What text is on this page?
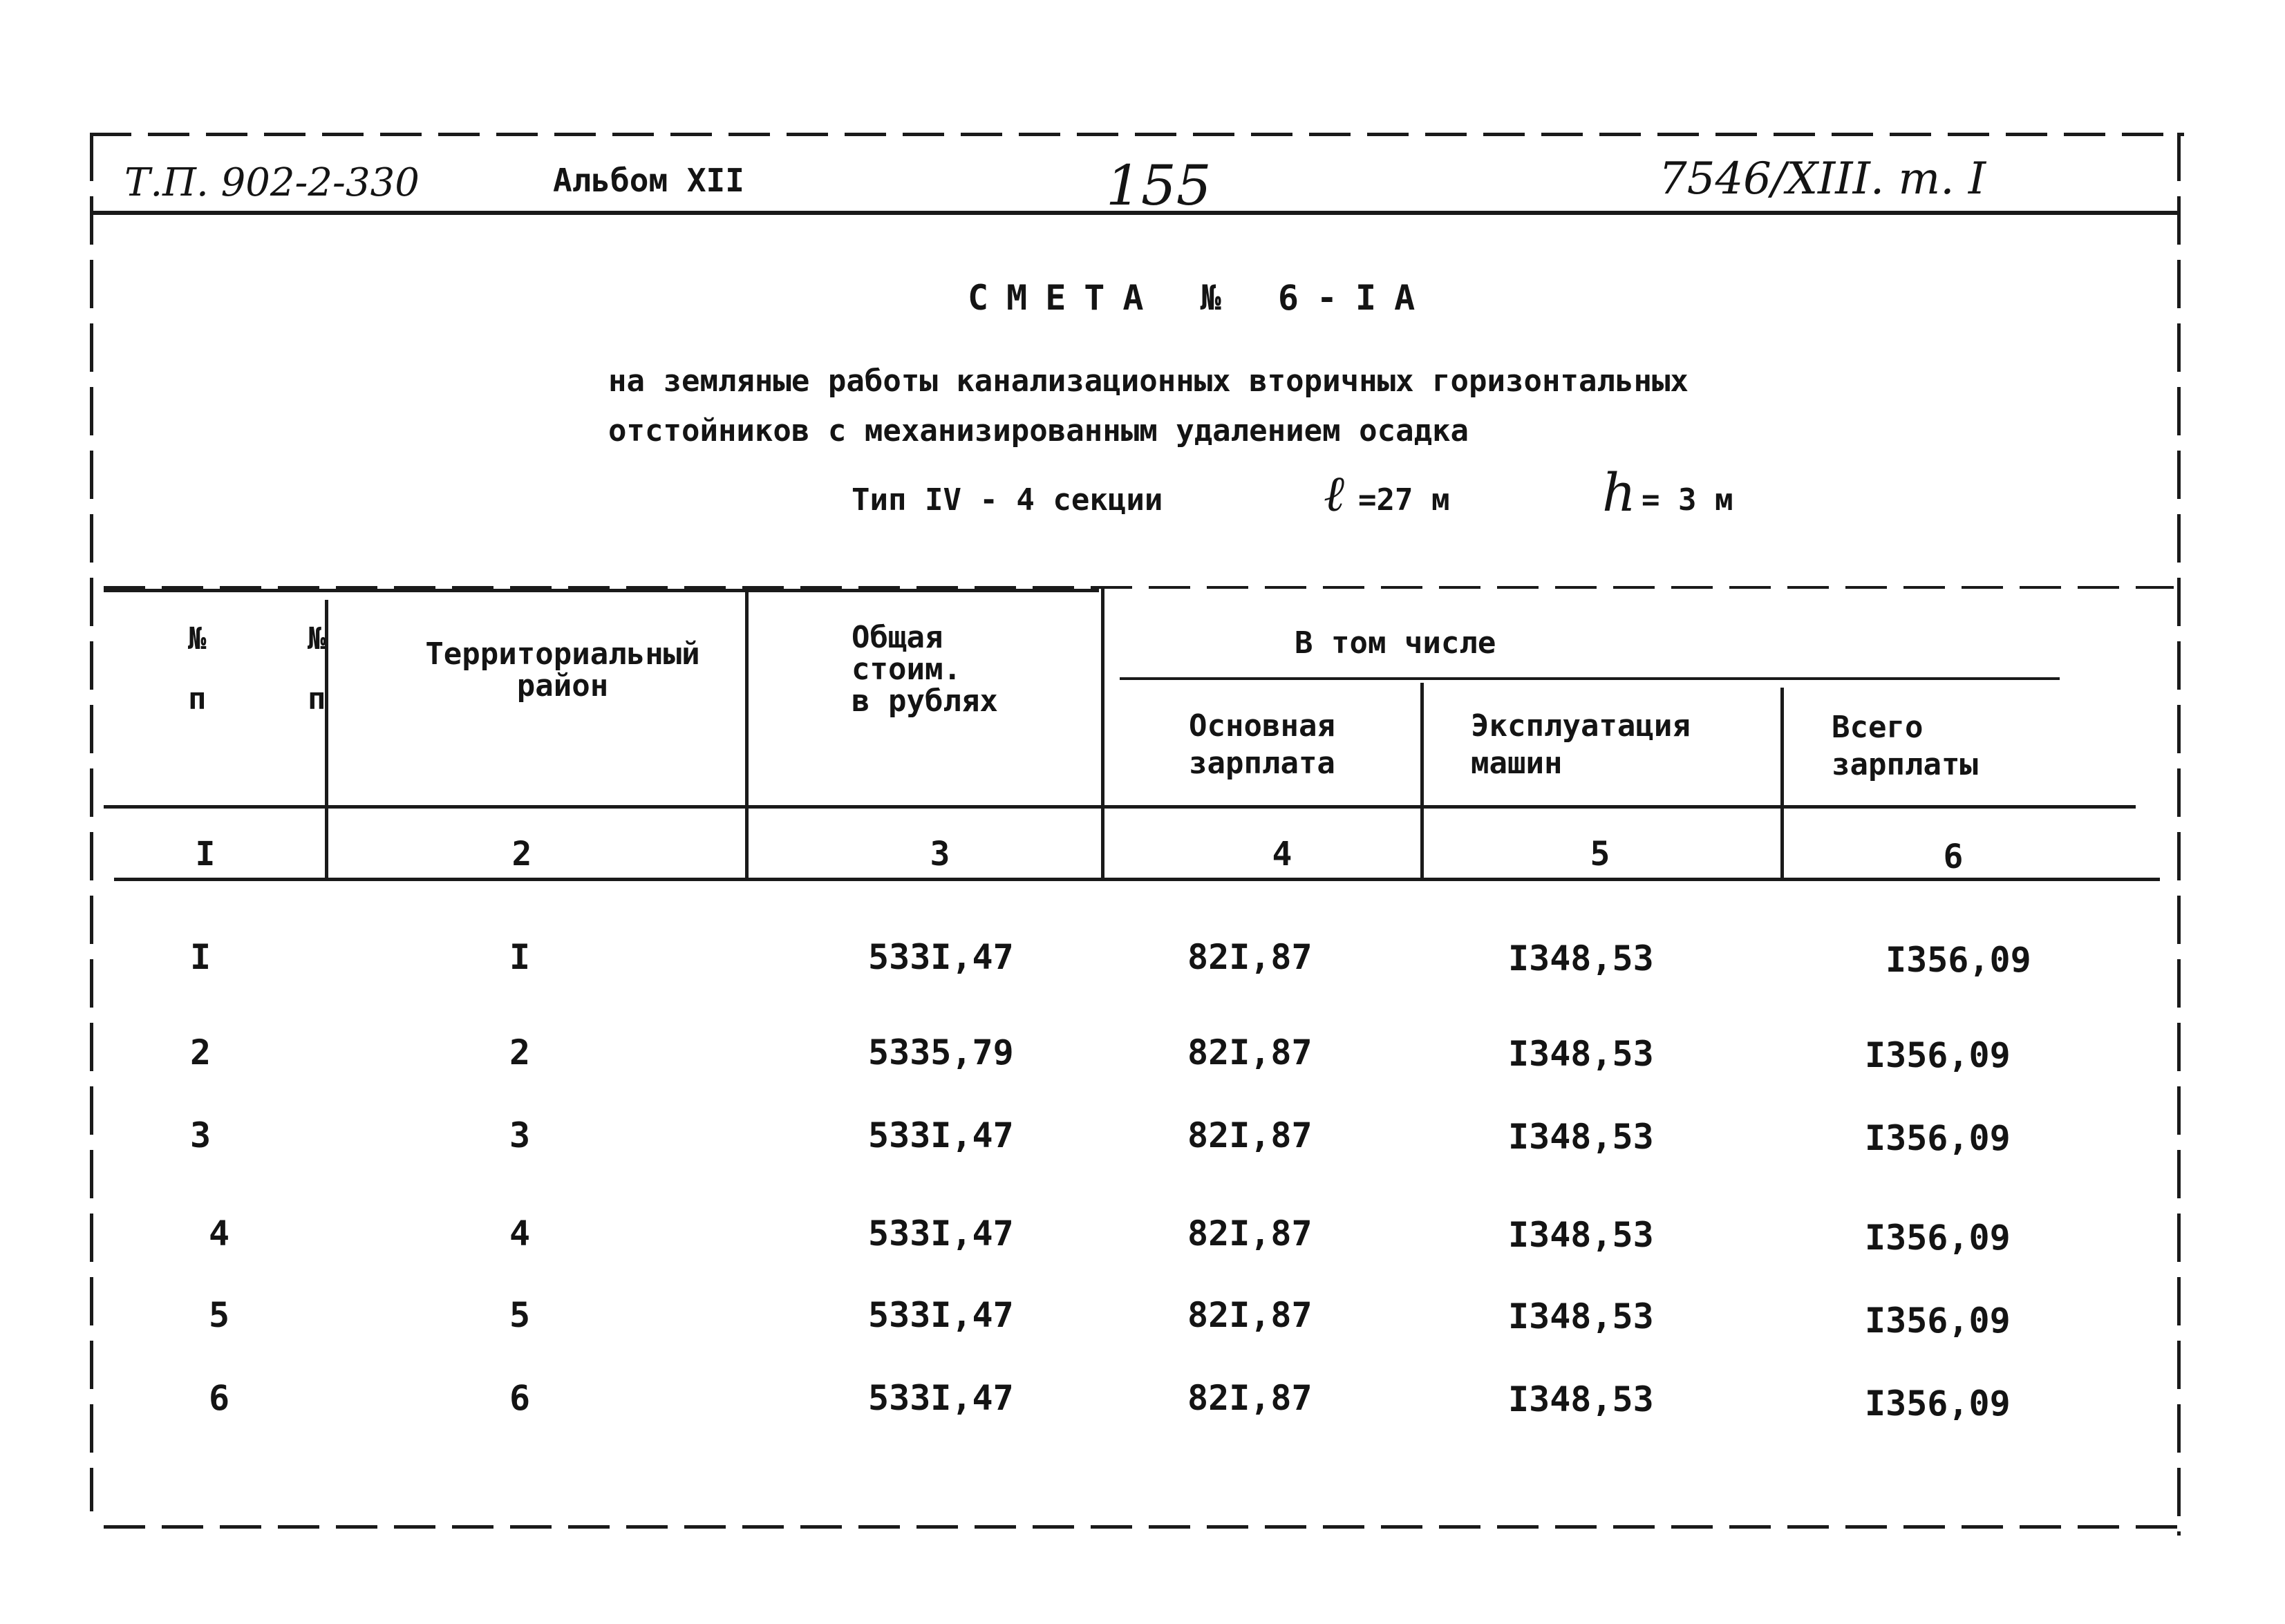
Т.П. 902-2-330	Альбом XII	155	7546/XIII. т. I
СМЕТА № 6-IA
на земляные работы канализационных вторичных горизонтальных
отстойников с механизированным удалением осадка
Тип IV - 4 секции	ℓ =27 м	h = 3 м
№ №
п п
Территориальный
район
Общая
стоим.
в рублях
В том числе
Основная
зарплата
Эксплуатация
машин
Всего
зарплаты
I	2	3	4	5	6
I	I	533I,47	82I,87	I348,53	I356,09
2	2	5335,79	82I,87	I348,53	I356,09
3	3	533I,47	82I,87	I348,53	I356,09
4	4	533I,47	82I,87	I348,53	I356,09
5	5	533I,47	82I,87	I348,53	I356,09
6	6	533I,47	82I,87	I348,53	I356,09
